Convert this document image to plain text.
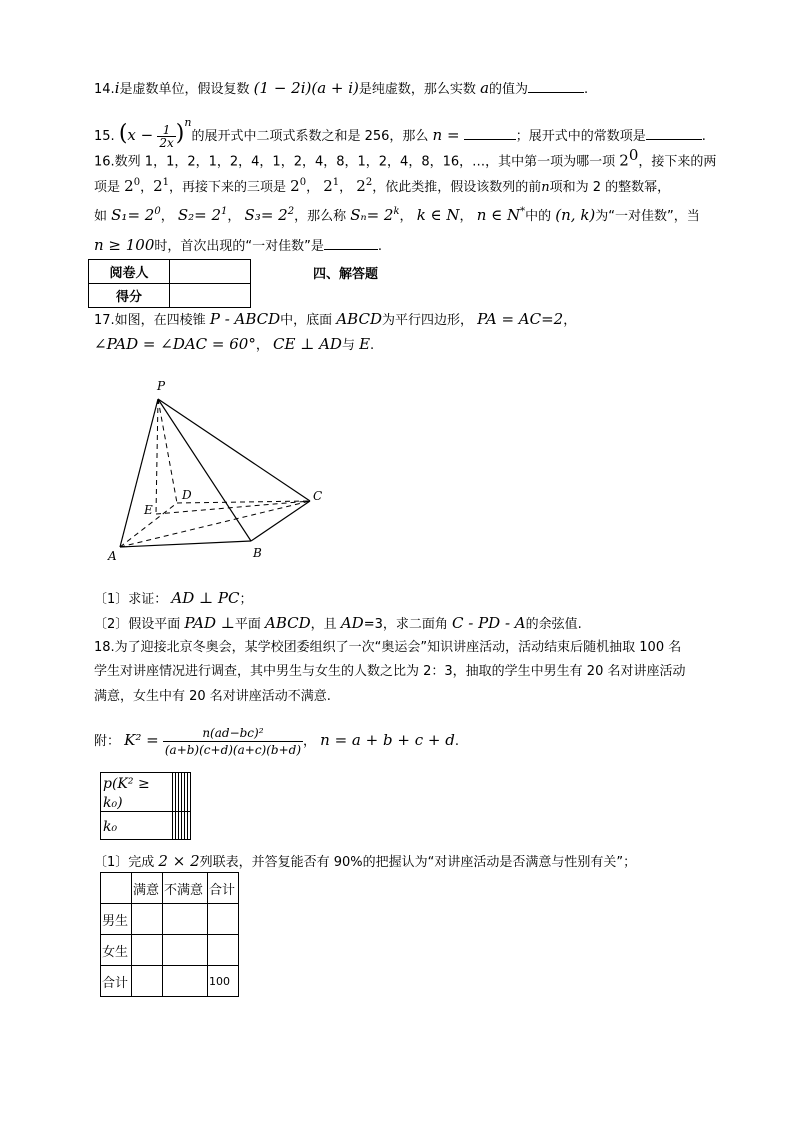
14.i是虚数单位，假设复数 (1 − 2i)(a + i)是纯虚数，那么实数 a的值为	.
15. $(x - \frac{1}{2x} )^n$的展开式中二项式系数之和是 256，那么 n =	；展开式中的常数项是	.
16.数列 1，1，2，1，2，4，1，2，4，8，1，2，4，8，16，…，其中第一项为哪一项 $2^0$，接下来的两
项是 $2^0$，$2^1$，再接下来的三项是 $2^0$， $2^1$， $2^2$，依此类推，假设该数列的前n项和为 2 的整数幂，
如 $S_1= 2^0$， $S_2= 2^1$， $S_3= 2^2$，那么称 $S_n= 2^k$， k ∈ N， n ∈ N*中的 (n, k)为“一对佳数”，当
n ≥ 100时，首次出现的“一对佳数”是	.
阅卷人	
得分	
四、解答题
17.如图，在四棱锥 P - ABCD中，底面 ABCD为平行四边形， PA = AC=2，
∠PAD = ∠DAC = 60°， CE ⊥ AD与 E.
P
A	B
C
D
E
〔1〕求证： AD ⊥ PC；
〔2〕假设平面 PAD ⊥平面 ABCD，且 AD=3，求二面角 C - PD - A的余弦值.
18.为了迎接北京冬奥会，某学校团委组织了一次“奥运会”知识讲座活动，活动结束后随机抽取 100 名
学生对讲座情况进行调查，其中男生与女生的人数之比为 2：3，抽取的学生中男生有 20 名对讲座活动
满意，女生中有 20 名对讲座活动不满意.
附： $K^2 = \frac{\text{n(ad−bc)²}}{(a+b)(c+d)(a+c)(b+d)}$ ， n = a + b + c + d.
p(K² ≥ k₀)						
k₀						
〔1〕完成 2 × 2列联表，并答复能否有 90%的把握认为“对讲座活动是否满意与性别有关”；
	满意	不满意	合计
男生			
女生			
合计			100
